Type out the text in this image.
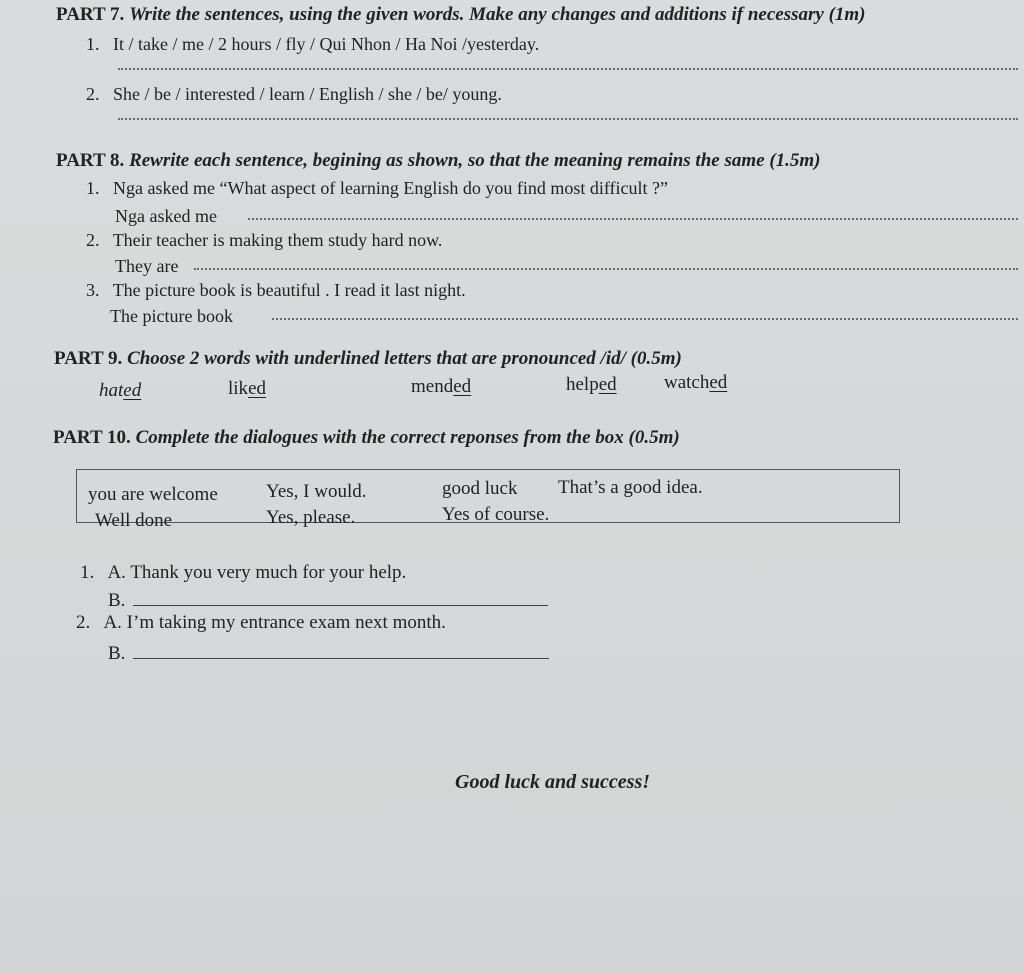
PART 7. Write the sentences, using the given words. Make any changes and additions if necessary (1m)
1. It / take / me / 2 hours / fly / Qui Nhon / Ha Noi /yesterday.
2. She / be / interested / learn / English / she / be/ young.
PART 8. Rewrite each sentence, begining as shown, so that the meaning remains the same (1.5m)
1. Nga asked me “What aspect of learning English do you find most difficult ?”
Nga asked me
2. Their teacher is making them study hard now.
They are
3. The picture book is beautiful . I read it last night.
The picture book
PART 9. Choose 2 words with underlined letters that are pronounced /id/ (0.5m)
hated	liked	mended	helped watched
PART 10. Complete the dialogues with the correct reponses from the box (0.5m)
you are welcome	Yes, I would.	good luck That’s a good idea.
Well done	Yes, please.	Yes of course.
1. A. Thank you very much for your help.
B.
2. A. I’m taking my entrance exam next month.
B.
Good luck and success!
